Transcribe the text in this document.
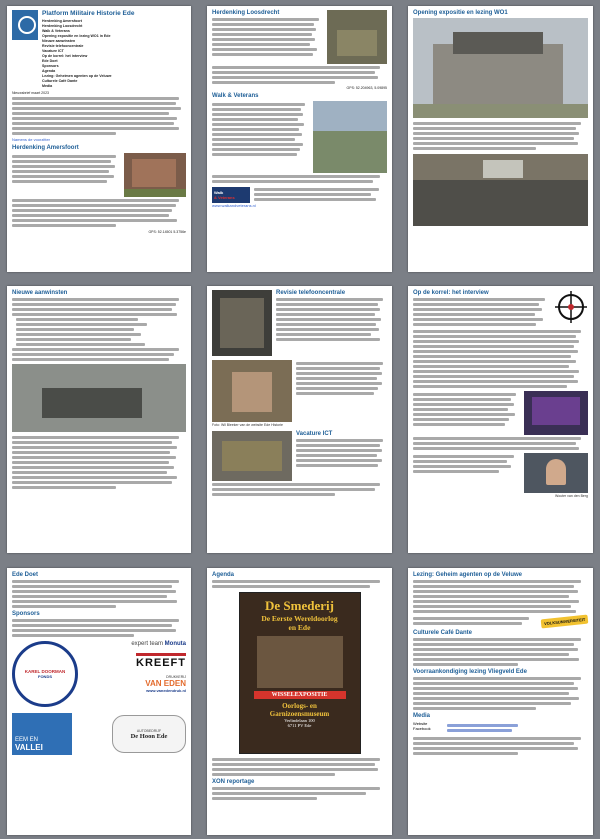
Platform Militaire Historie Ede
Herdenking Amersfoort
Herdenking Loosdrecht
Walk & Veterans
Opening expositie en lezing WO1 in Ede
Nieuwe aanwinsten
Revisie telefooncentrale
Vacature ICT
Op de korrel: het interview
Ede Doet
Sponsors
Agenda
Lezing: Geheimen agenten op de Veluwe
Culturele Café Dante
Media
Nieuwsbrief maart 2023
Namens de voorzitter
Herdenking Amersfoort
GPS: 52.14501 5.3756e
Herdenking Loosdrecht
GPS: 52.204963, 5.09895
Walk & Veterans
Walk
& Veterans
www.walkandveterans.nl
Opening expositie en lezing WO1
Nieuwe aanwinsten	Revisie telefooncentrale
Foto: Wil Bleeker van de website Ede Historie
Vacature ICT
Op de korrel: het interview
Wouter van den Berg
Ede Doet
Sponsors
KAREL DOORMAN
FONDS
expert team Monuta
KREEFT
DRUKKERIJ
VAN EDEN
www.vanedendruk.nl
EEM EN
VALLEI
AUTOBEDRIJF
De Hoon Ede
Agenda
De Smederij
De Eerste Wereldoorlog
en Ede
WISSELEXPOSITIE
Oorlogs- en
Garnizoensmuseum
Verlindelaan 100
6711 PV Ede
XON reportage
Lezing: Geheim agenten op de Veluwe
VOLKSUNIVERSITEIT
Culturele Café Dante
Voorraankondiging lezing Vliegveld Ede
Media
Website
Facebook
